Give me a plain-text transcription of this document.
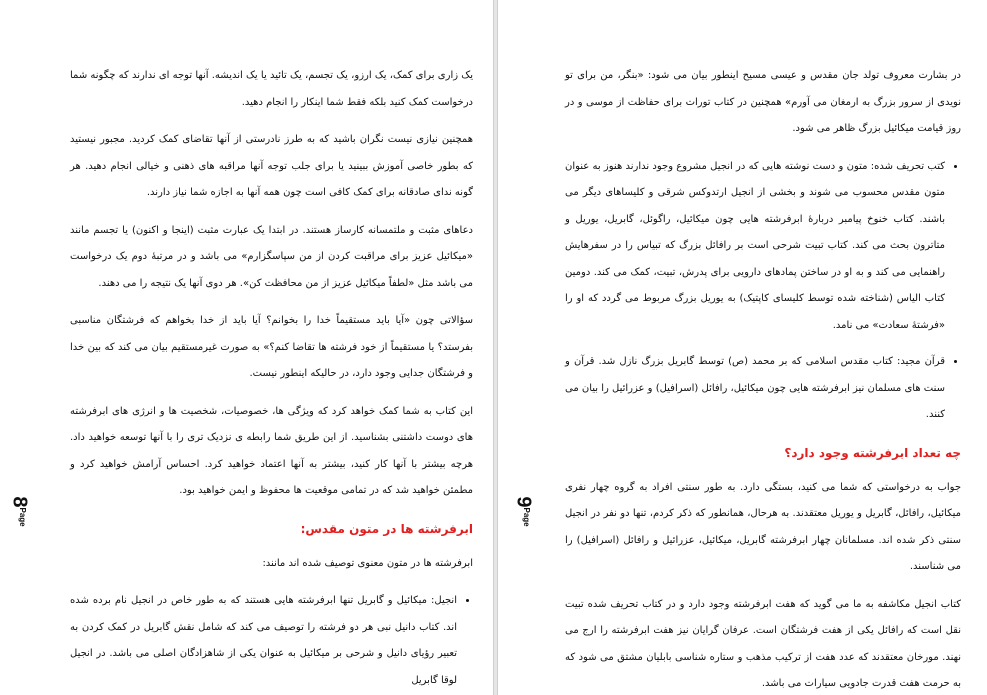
یک زاری برای کمک، یک ارزو، یک تجسم، یک تائید یا یک اندیشه. آنها توجه ای ندارند که چگونه شما درخواست کمک کنید بلکه فقط شما اینکار را انجام دهید.

همچنین نیازی نیست نگران باشید که به طرز نادرستی از آنها تقاضای کمک کردید. مجبور نیستید که بطور خاصی آموزش ببینید یا برای جلب توجه آنها مراقبه های ذهنی و خیالی انجام دهید. هر گونه ندای صادقانه برای کمک کافی است چون همه آنها به اجازه شما نیاز دارند.

دعاهای مثبت و ملتمسانه کارساز هستند. در ابتدا یک عبارت مثبت (اینجا و اکنون) یا تجسم مانند «میکائیل عزیز برای مراقبت کردن از من سپاسگزارم» می باشد و در مرتبهٔ دوم یک درخواست می باشد مثل «لطفاً میکائیل عزیز از من محافظت کن». هر دوی آنها یک نتیجه را می دهند.

سؤالاتی چون «آیا باید مستقیماً خدا را بخوانم؟ آیا باید از خدا بخواهم که فرشتگان مناسبی بفرستد؟ یا مستقیماً از خود فرشته ها تقاضا کنم؟» به صورت غیرمستقیم بیان می کند که بین خدا و فرشتگان جدایی وجود دارد، در حالیکه اینطور نیست.

این کتاب به شما کمک خواهد کرد که ویژگی ها، خصوصیات، شخصیت ها و انرژی های ابرفرشته های دوست داشتنی بشناسید. از این طریق شما رابطه ی نزدیک تری را با آنها توسعه خواهید داد. هرچه بیشتر با آنها کار کنید، بیشتر به آنها اعتماد خواهید کرد. احساس آرامش خواهید کرد و مطمئن خواهید شد که در تمامی موقعیت ها محفوظ و ایمن خواهید بود.

ابرفرشته ها در متون مقدس:

ابرفرشته ها در متون معنوی توصیف شده اند مانند:

• انجیل: میکائیل و گابریل تنها ابرفرشته هایی هستند که به طور خاص در انجیل نام برده شده اند. کتاب دانیل نبی هر دو فرشته را توصیف می کند که شامل نقش گابریل در کمک کردن به تعبیر رؤیای دانیل و شرحی بر میکائیل به عنوان یکی از شاهزادگان اصلی می باشد. در انجیل لوقا گابریل
$8^{Page}$

در بشارت معروف تولد جان مقدس و عیسی مسیح اینطور بیان می شود: «بنگر، من برای تو نویدی از سرور بزرگ به ارمغان می آورم» همچنین در کتاب تورات برای حفاظت از موسی و در روز قیامت میکائیل بزرگ ظاهر می شود.

• کتب تحریف شده: متون و دست نوشته هایی که در انجیل مشروع وجود ندارند هنوز به عنوان متون مقدس محسوب می شوند و بخشی از انجیل ارتدوکس شرقی و کلیساهای دیگر می باشند. کتاب خنوخ پیامبر دربارهٔ ابرفرشته هایی چون میکائیل، راگوئل، گابریل، یوریل و متاترون بحث می کند. کتاب تبیت شرحی است بر رافائل بزرگ که تبیاس را در سفرهایش راهنمایی می کند و به او در ساختن پمادهای دارویی برای پدرش، تبیت، کمک می کند. دومین کتاب الیاس (شناخته شده توسط کلیسای کاپتیک) به یوریل بزرگ مربوط می گردد که او را «فرشتهٔ سعادت» می نامد.
• قرآن مجید: کتاب مقدس اسلامی که بر محمد (ص) توسط گابریل بزرگ نازل شد. قرآن و سنت های مسلمان نیز ابرفرشته هایی چون میکائیل، رافائل (اسرافیل) و عزرائیل را بیان می کنند.
چه تعداد ابرفرشته وجود دارد؟

جواب به درخواستی که شما می کنید، بستگی دارد. به طور سنتی افراد به گروه چهار نفری میکائیل، رافائل، گابریل و یوریل معتقدند. به هرحال، همانطور که ذکر کردم، تنها دو نفر در انجیل سنتی ذکر شده اند. مسلمانان چهار ابرفرشته گابریل، میکائیل، عزرائیل و رافائل (اسرافیل) را می شناسند.

کتاب انجیل مکاشفه به ما می گوید که هفت ابرفرشته وجود دارد و در کتاب تحریف شده تبیت نقل است که رافائل یکی از هفت فرشتگان است. عرفان گرایان نیز هفت ابرفرشته را ارج می نهند. مورخان معتقدند که عدد هفت از ترکیب مذهب و ستاره شناسی بابلیان مشتق می شود که به حرمت هفت قدرت جادویی سیارات می باشد.

$9^{Page}$
